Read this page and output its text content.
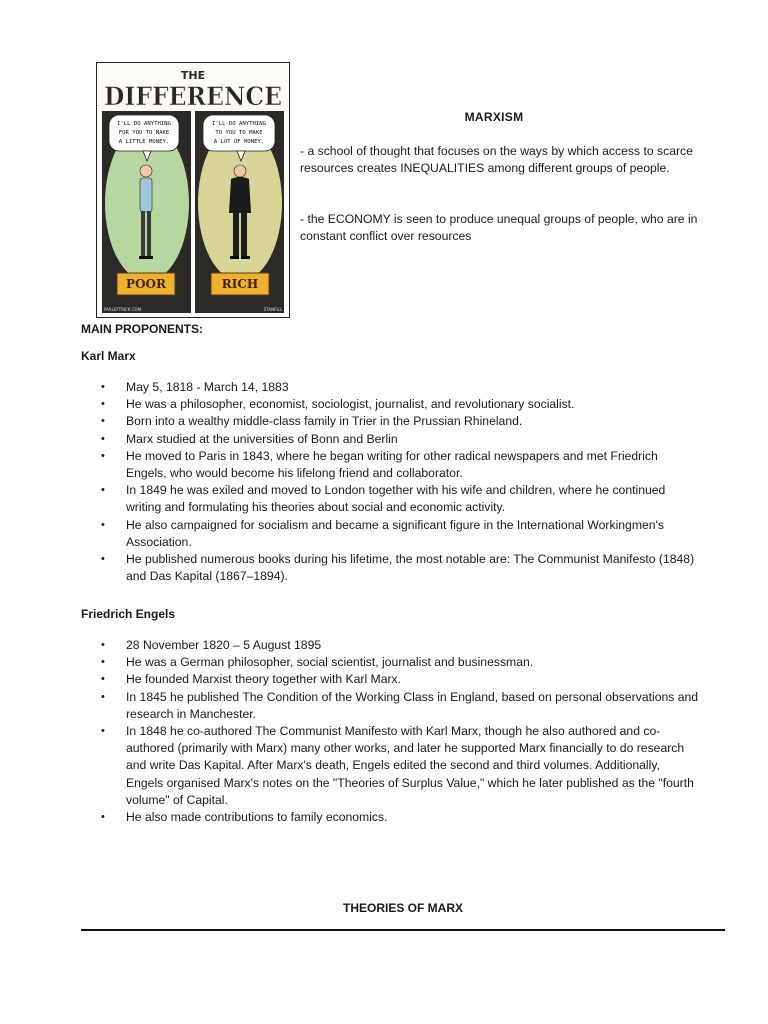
THE
DIFFERENCE
I'LL DO ANYTHING
FOR YOU TO MAKE
A LITTLE MONEY.
I'LL DO ANYTHING
TO YOU TO MAKE
A LOT OF MONEY.
POOR	RICH
PARLEFTRICK.COM	STANFILL
MARXISM
- a school of thought that focuses on the ways by which access to scarce resources creates INEQUALITIES among different groups of people.
- the ECONOMY is seen to produce unequal groups of people, who are in constant conflict over resources
MAIN PROPONENTS:
Karl Marx
• May 5, 1818 - March 14, 1883
• He was a philosopher, economist, sociologist, journalist, and revolutionary socialist.
• Born into a wealthy middle-class family in Trier in the Prussian Rhineland.
• Marx studied at the universities of Bonn and Berlin
• He moved to Paris in 1843, where he began writing for other radical newspapers and met Friedrich Engels, who would become his lifelong friend and collaborator.
• In 1849 he was exiled and moved to London together with his wife and children, where he continued writing and formulating his theories about social and economic activity.
• He also campaigned for socialism and became a significant figure in the International Workingmen's Association.
• He published numerous books during his lifetime, the most notable are: The Communist Manifesto (1848) and Das Kapital (1867–1894).
Friedrich Engels
• 28 November 1820 – 5 August 1895
• He was a German philosopher, social scientist, journalist and businessman.
• He founded Marxist theory together with Karl Marx.
• In 1845 he published The Condition of the Working Class in England, based on personal observations and research in Manchester.
• In 1848 he co-authored The Communist Manifesto with Karl Marx, though he also authored and co-authored (primarily with Marx) many other works, and later he supported Marx financially to do research and write Das Kapital. After Marx's death, Engels edited the second and third volumes. Additionally, Engels organised Marx's notes on the "Theories of Surplus Value," which he later published as the "fourth volume" of Capital.
• He also made contributions to family economics.
THEORIES OF MARX
